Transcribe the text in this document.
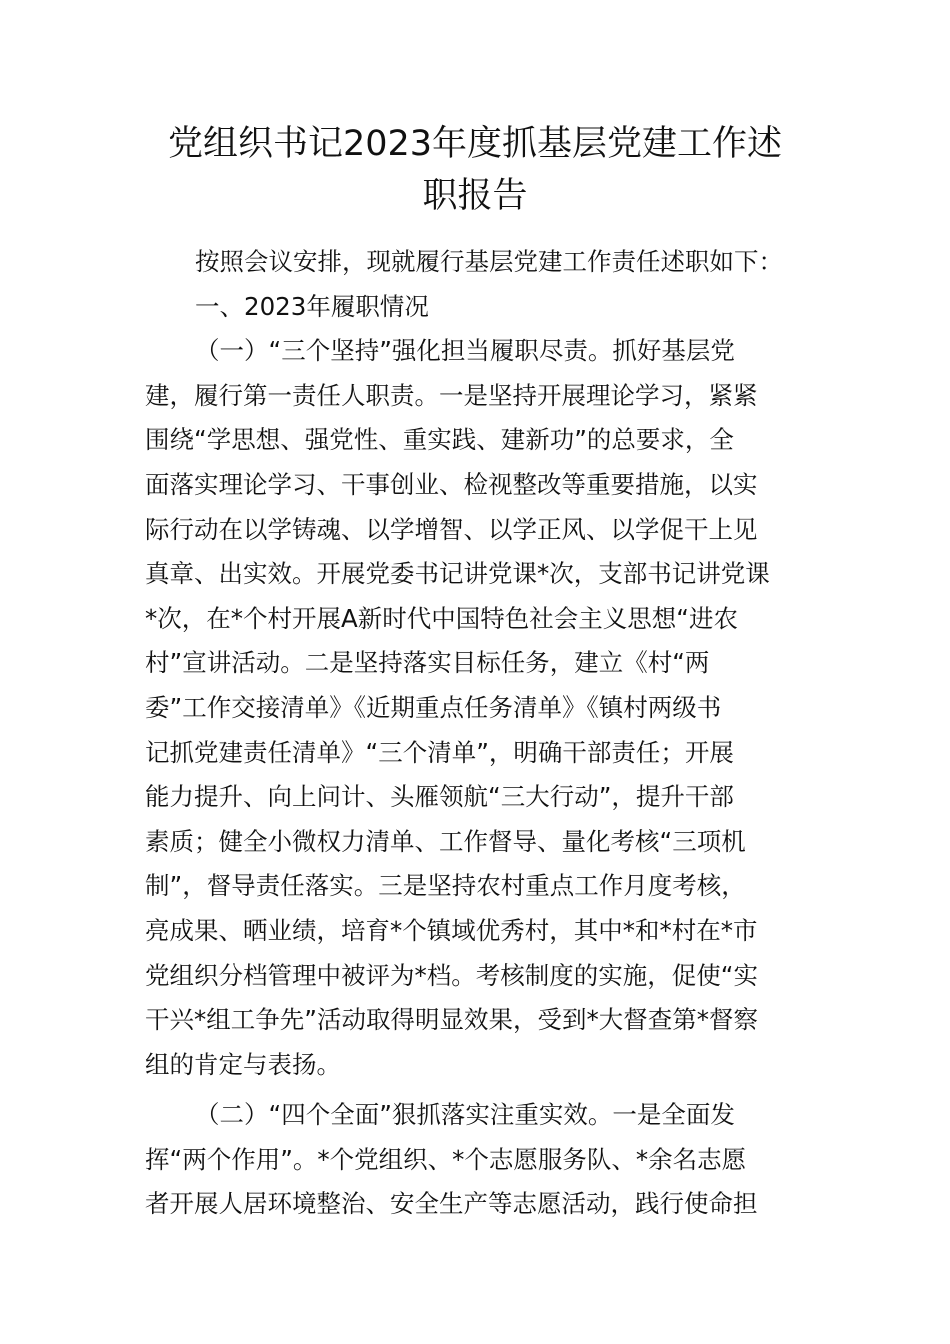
党组织书记2023年度抓基层党建工作述
职报告
按照会议安排，现就履行基层党建工作责任述职如下：
一、2023年履职情况
（一）“三个坚持”强化担当履职尽责。抓好基层党
建，履行第一责任人职责。一是坚持开展理论学习，紧紧
围绕“学思想、强党性、重实践、建新功”的总要求，全
面落实理论学习、干事创业、检视整改等重要措施，以实
际行动在以学铸魂、以学增智、以学正风、以学促干上见
真章、出实效。开展党委书记讲党课*次，支部书记讲党课
*次，在*个村开展A新时代中国特色社会主义思想“进农
村”宣讲活动。二是坚持落实目标任务，建立《村“两
委”工作交接清单》《近期重点任务清单》《镇村两级书
记抓党建责任清单》“三个清单”，明确干部责任；开展
能力提升、向上问计、头雁领航“三大行动”，提升干部
素质；健全小微权力清单、工作督导、量化考核“三项机
制”，督导责任落实。三是坚持农村重点工作月度考核，
亮成果、晒业绩，培育*个镇域优秀村，其中*和*村在*市
党组织分档管理中被评为*档。考核制度的实施，促使“实
干兴*组工争先”活动取得明显效果，受到*大督查第*督察
组的肯定与表扬。
（二）“四个全面”狠抓落实注重实效。一是全面发
挥“两个作用”。*个党组织、*个志愿服务队、*余名志愿
者开展人居环境整治、安全生产等志愿活动，践行使命担
